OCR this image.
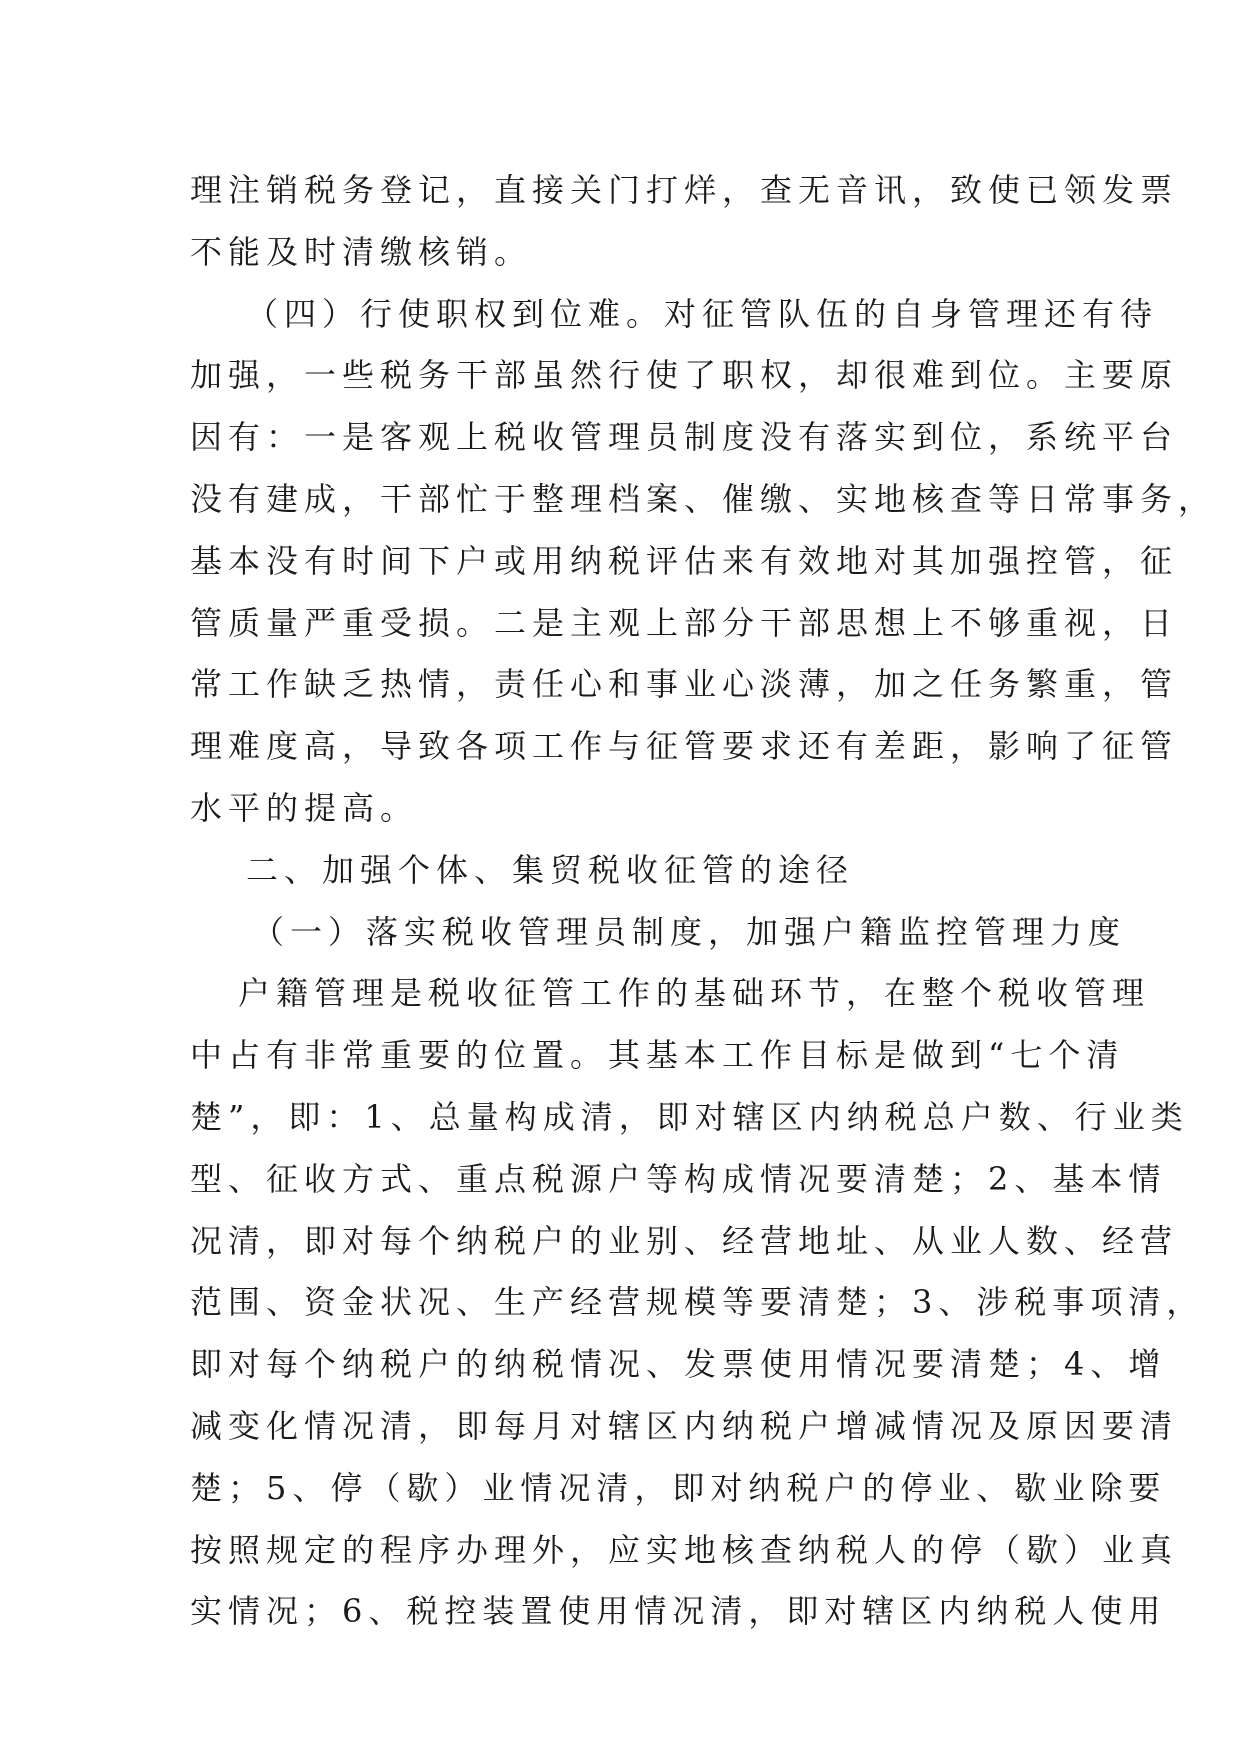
理注销税务登记，直接关门打烊，查无音讯，致使已领发票
不能及时清缴核销。
（四）行使职权到位难。对征管队伍的自身管理还有待
加强，一些税务干部虽然行使了职权，却很难到位。主要原
因有：一是客观上税收管理员制度没有落实到位，系统平台
没有建成，干部忙于整理档案、催缴、实地核查等日常事务，
基本没有时间下户或用纳税评估来有效地对其加强控管，征
管质量严重受损。二是主观上部分干部思想上不够重视，日
常工作缺乏热情，责任心和事业心淡薄，加之任务繁重，管
理难度高，导致各项工作与征管要求还有差距，影响了征管
水平的提高。
二、加强个体、集贸税收征管的途径
（一）落实税收管理员制度，加强户籍监控管理力度
户籍管理是税收征管工作的基础环节，在整个税收管理
中占有非常重要的位置。其基本工作目标是做到“七个清
楚”，即：1、总量构成清，即对辖区内纳税总户数、行业类
型、征收方式、重点税源户等构成情况要清楚；2、基本情
况清，即对每个纳税户的业别、经营地址、从业人数、经营
范围、资金状况、生产经营规模等要清楚；3、涉税事项清，
即对每个纳税户的纳税情况、发票使用情况要清楚；4、增
减变化情况清，即每月对辖区内纳税户增减情况及原因要清
楚；5、停（歇）业情况清，即对纳税户的停业、歇业除要
按照规定的程序办理外，应实地核查纳税人的停（歇）业真
实情况；6、税控装置使用情况清，即对辖区内纳税人使用
